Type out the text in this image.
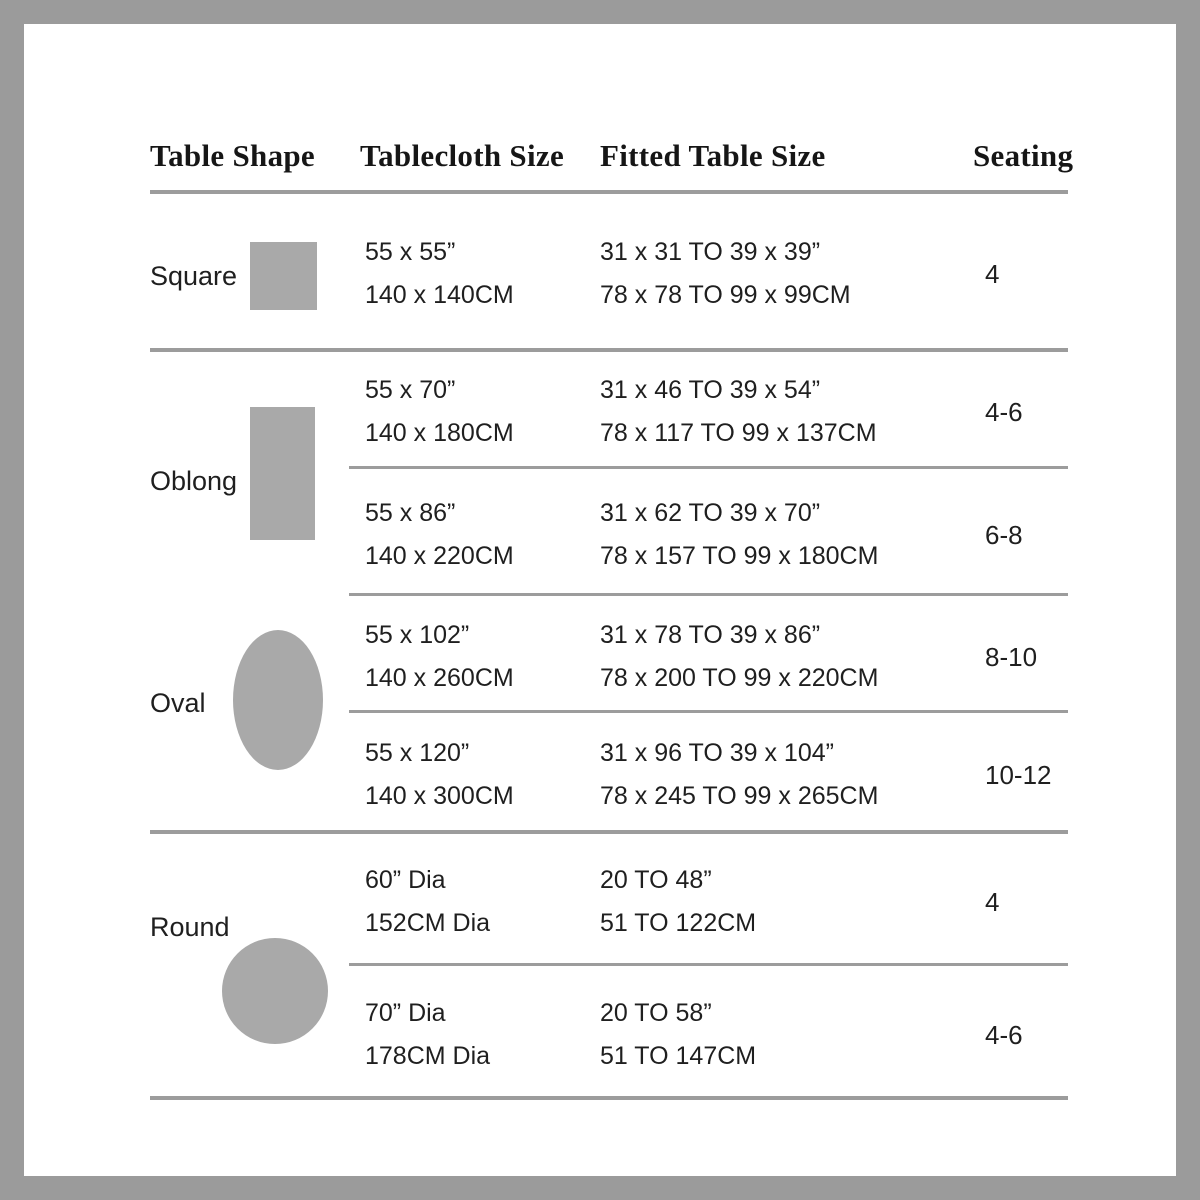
Table Shape Tablecloth Size Fitted Table Size	Seating
Square
Oblong
Oval
Round
55 x 55”
140 x 140CM
31 x 31 TO 39 x 39”
78 x 78 TO 99 x 99CM
4
55 x 70”
140 x 180CM
31 x 46 TO 39 x 54”
78 x 117 TO 99 x 137CM
4-6
55 x 86”
140 x 220CM
31 x 62 TO 39 x 70”
78 x 157 TO 99 x 180CM
6-8
55 x 102”
140 x 260CM
31 x 78 TO 39 x 86”
78 x 200 TO 99 x 220CM
8-10
55 x 120”
140 x 300CM
31 x 96 TO 39 x 104”
78 x 245 TO 99 x 265CM
10-12
60” Dia
152CM Dia
20 TO 48”
51 TO 122CM
4
70” Dia
178CM Dia
20 TO 58”
51 TO 147CM
4-6
